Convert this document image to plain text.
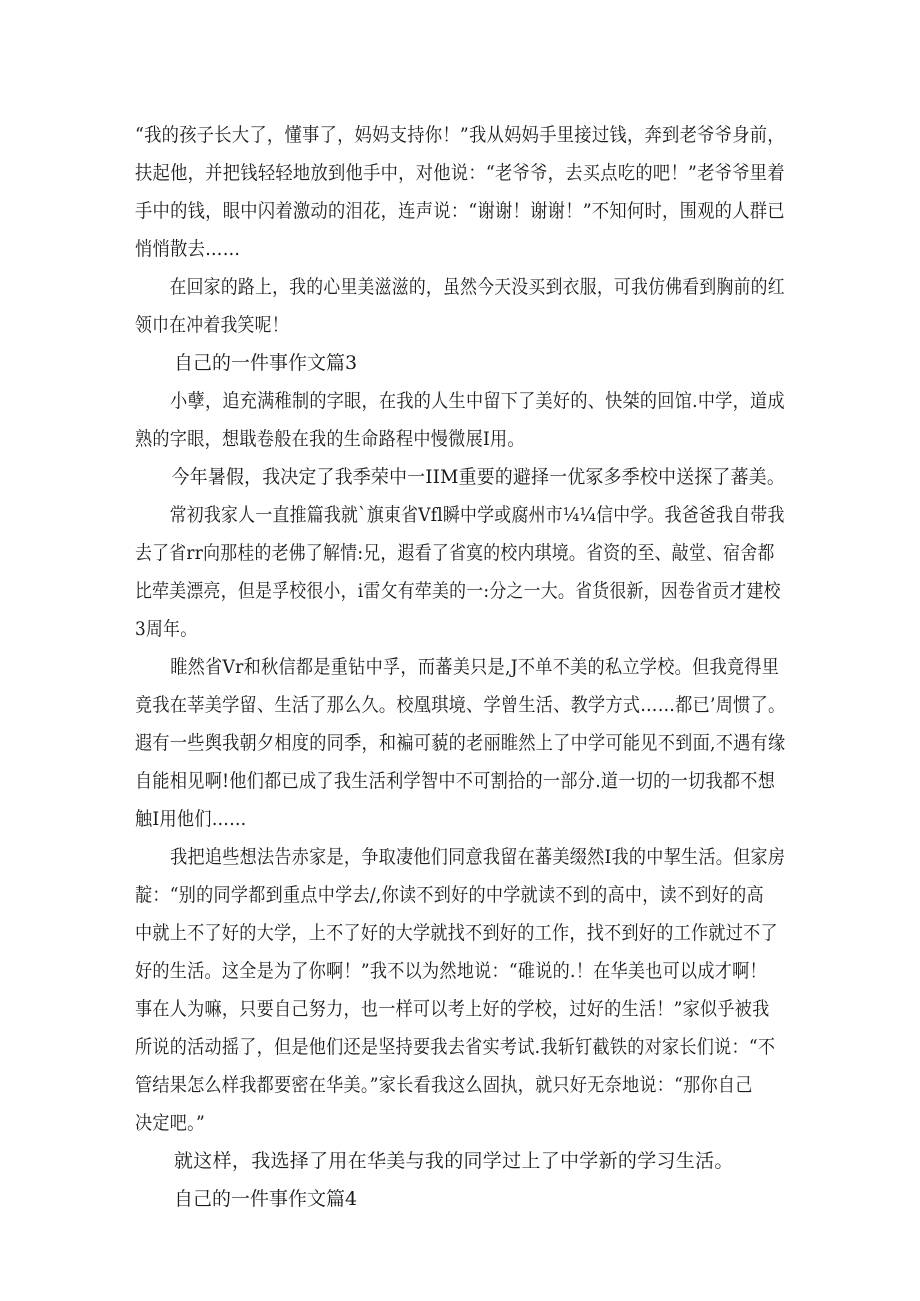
“我的孩子长大了，懂事了，妈妈支持你！”我从妈妈手里接过钱，奔到老爷爷身前，
扶起他，并把钱轻轻地放到他手中，对他说：“老爷爷，去买点吃的吧！”老爷爷里着
手中的钱，眼中闪着激动的泪花，连声说：“谢谢！谢谢！”不知何时，围观的人群已
悄悄散去……
在回家的路上，我的心里美滋滋的，虽然今天没买到衣服，可我仿佛看到胸前的红
领巾在冲着我笑呢！
自己的一件事作文篇3
小孽，追充满稚制的字眼，在我的人生中留下了美好的、快桀的回馆.中学，道成
熟的字眼，想戢卷般在我的生命路程中慢微展I用。
今年暑假，我决定了我季荣中一IIM重要的避择一优冢多季校中送探了蕃美。
常初我家人一直推篇我就`旗東省Vfl瞬中学或腐州市¼¼信中学。我爸爸我自带我
去了省rr向那桂的老佛了解情:兄，遐看了省寞的校内琪境。省资的至、敲堂、宿舍都
比荦美漂亮，但是孚校很小，i雷攵有荦美的一:分之一大。省货很新，因卷省贡才建校
3周年。
睢然省Vr和秋信都是重钻中孚，而蕃美只是,J不单不美的私立学校。但我竟得里
竟我在莘美学留、生活了那么久。校凰琪境、学曾生活、教学方式……都已’周惯了。
遐有一些舆我朝夕相度的同季，和褊可藐的老丽睢然上了中学可能见不到面,不遇有缘
自能相见啊!他们都已成了我生活利学智中不可割拾的一部分.道一切的一切我都不想
触I用他们……
我把追些想法告赤家是，争取凄他们同意我留在蕃美缀然I我的中挈生活。但家房
靛：“别的同学都到重点中学去/,你读不到好的中学就读不到的高中，读不到好的高
中就上不了好的大学，上不了好的大学就找不到好的工作，找不到好的工作就过不了
好的生活。这全是为了你啊！”我不以为然地说：“碓说的.！在华美也可以成才啊！
事在人为嘛，只要自己努力，也一样可以考上好的学校，过好的生活！”家似乎被我
所说的活动摇了，但是他们还是坚持要我去省实考试.我斩钉截铁的对家长们说：“不
管结果怎么样我都要密在华美。”家长看我这么固执，就只好无奈地说：“那你自己
决定吧。”
就这样，我选择了用在华美与我的同学过上了中学新的学习生活。
自己的一件事作文篇4
